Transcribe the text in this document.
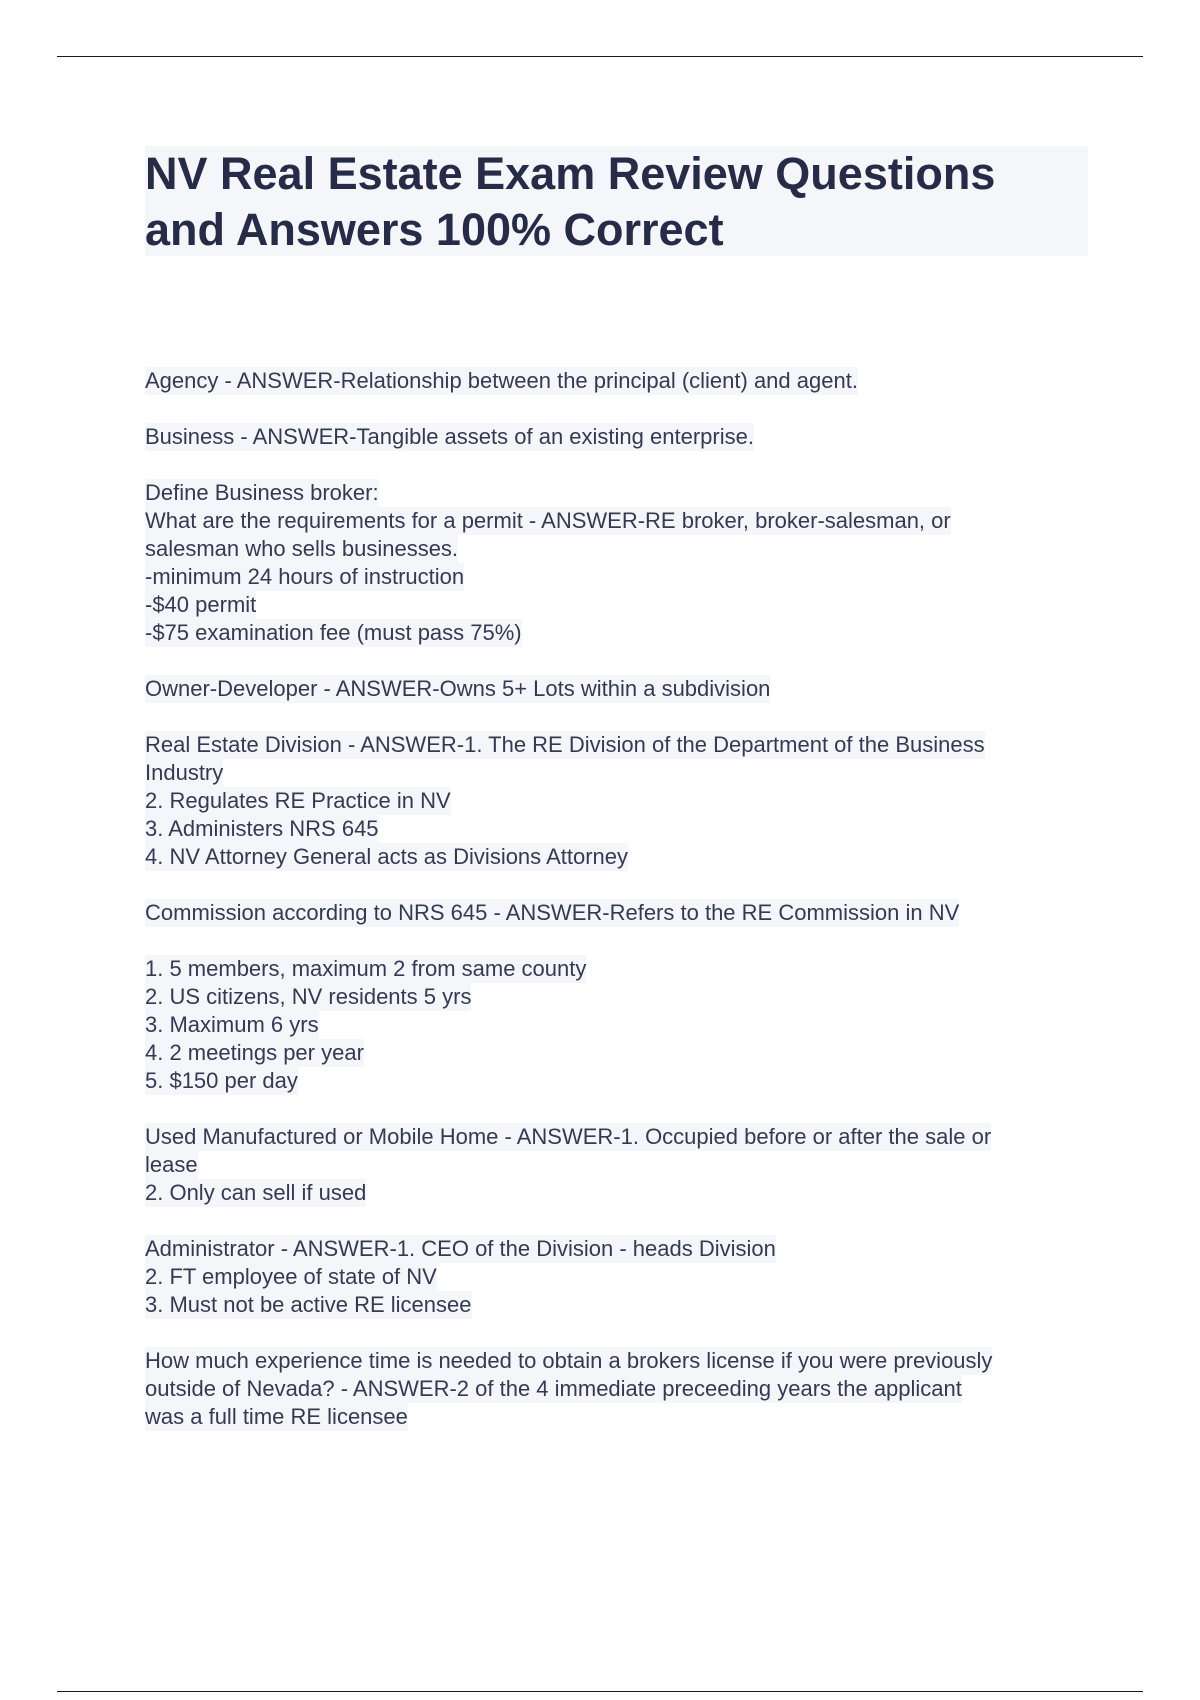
NV Real Estate Exam Review Questions
and Answers 100% Correct
Agency - ANSWER-Relationship between the principal (client) and agent.
Business - ANSWER-Tangible assets of an existing enterprise.
Define Business broker:
What are the requirements for a permit - ANSWER-RE broker, broker-salesman, or
salesman who sells businesses.
-minimum 24 hours of instruction
-$40 permit
-$75 examination fee (must pass 75%)
Owner-Developer - ANSWER-Owns 5+ Lots within a subdivision
Real Estate Division - ANSWER-1. The RE Division of the Department of the Business
Industry
2. Regulates RE Practice in NV
3. Administers NRS 645
4. NV Attorney General acts as Divisions Attorney
Commission according to NRS 645 - ANSWER-Refers to the RE Commission in NV
1. 5 members, maximum 2 from same county
2. US citizens, NV residents 5 yrs
3. Maximum 6 yrs
4. 2 meetings per year
5. $150 per day
Used Manufactured or Mobile Home - ANSWER-1. Occupied before or after the sale or
lease
2. Only can sell if used
Administrator - ANSWER-1. CEO of the Division - heads Division
2. FT employee of state of NV
3. Must not be active RE licensee
How much experience time is needed to obtain a brokers license if you were previously
outside of Nevada? - ANSWER-2 of the 4 immediate preceeding years the applicant
was a full time RE licensee
